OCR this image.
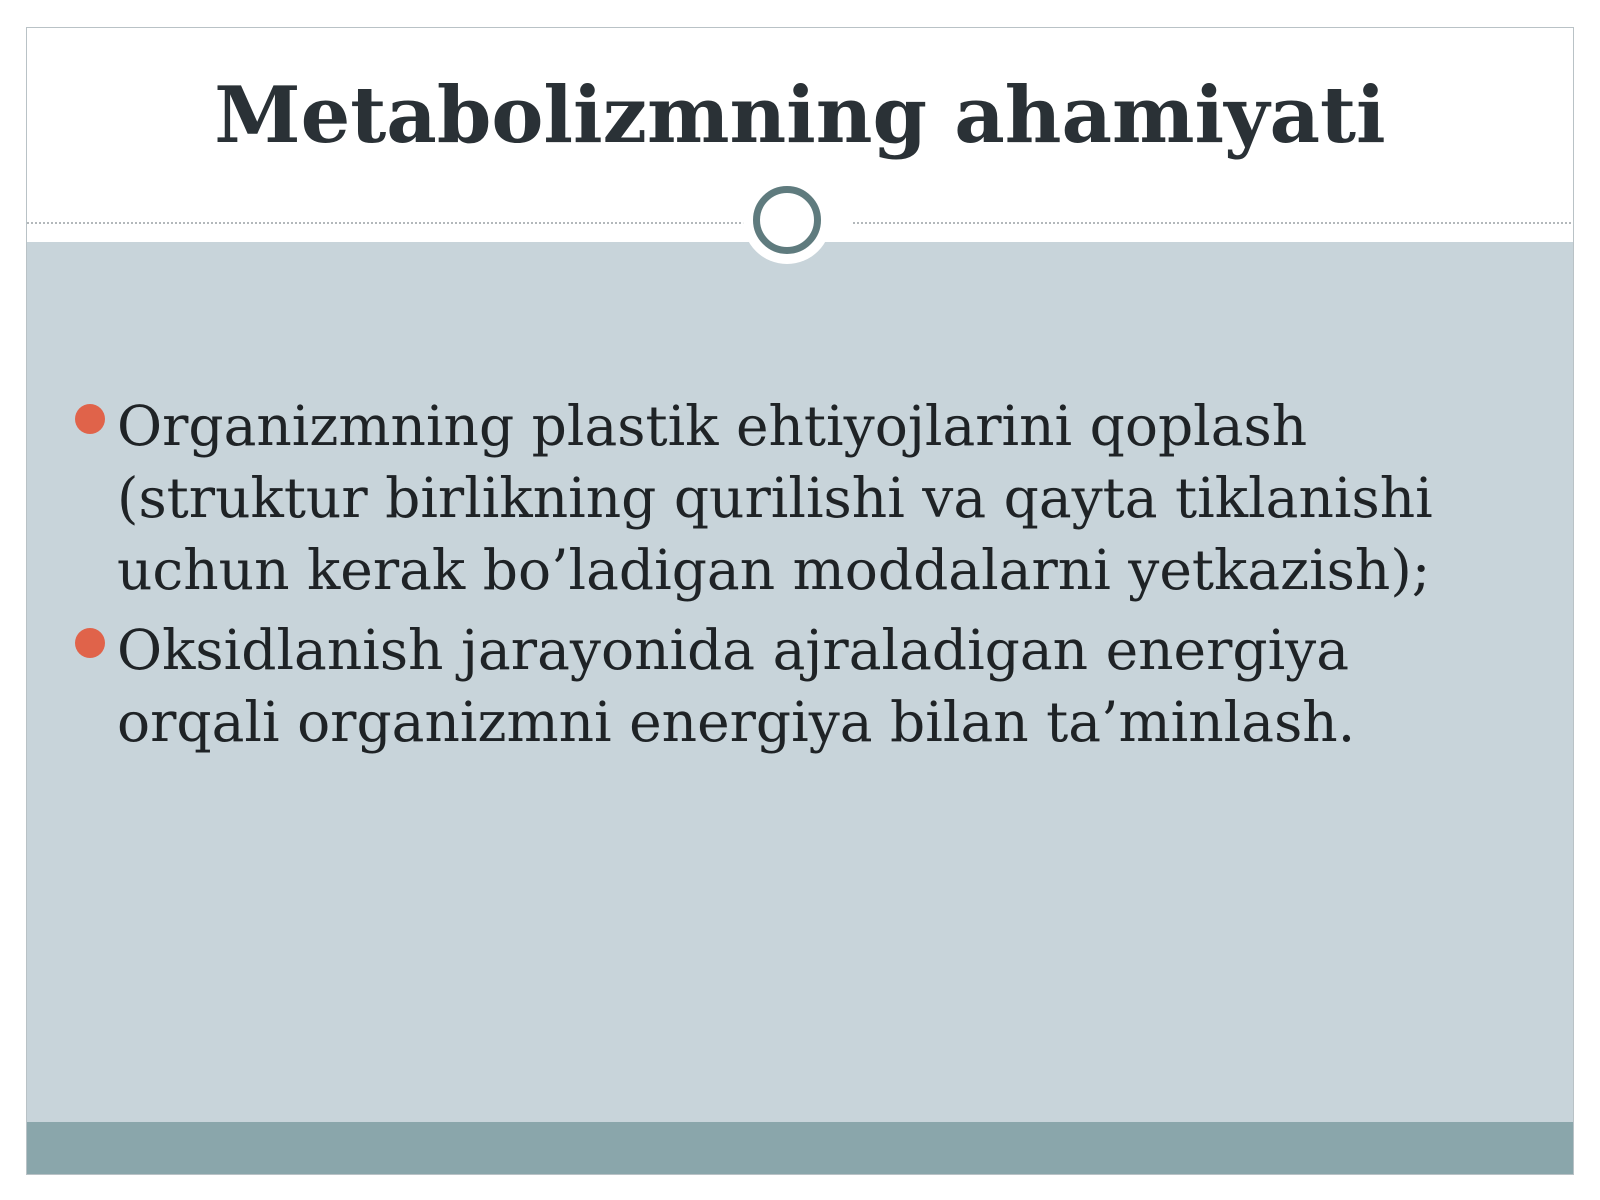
Metabolizmning ahamiyati
Organizmning plastik ehtiyojlarini qoplash (struktur birlikning qurilishi va qayta tiklanishi uchun kerak bo’ladigan moddalarni yetkazish);
Oksidlanish jarayonida ajraladigan energiya orqali organizmni energiya bilan ta’minlash.
